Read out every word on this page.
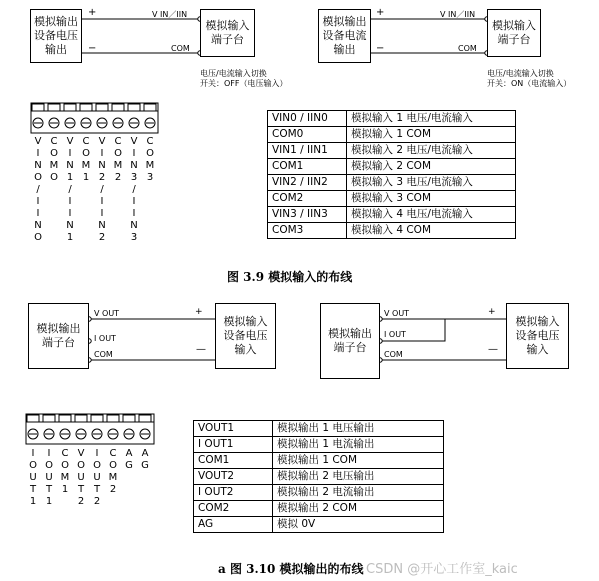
模拟输出
设备电压
输出
模拟输入
端子台
+
−
V IN／IIN
COM
电压/电流输入切换
开关：OFF（电压输入）
模拟输出
设备电流
输出
模拟输入
端子台
+
−
V IN／IIN
COM
电压/电流输入切换
开关：ON（电流输入）
V
I
N
O
/
I
I
N
O
C
O
M
O
V
I
N
1
/
I
I
N
1
C
O
M
1
V
I
N
2
/
I
I
N
2
C
O
M
2
V
I
N
3
/
I
I
N
3
C
O
M
3
VIN0 / IIN0	模拟输入 1 电压/电流输入
COM0	模拟输入 1 COM
VIN1 / IIN1	模拟输入 2 电压/电流输入
COM1	模拟输入 2 COM
VIN2 / IIN2	模拟输入 3 电压/电流输入
COM2	模拟输入 3 COM
VIN3 / IIN3	模拟输入 4 电压/电流输入
COM3	模拟输入 4 COM
图 3.9 模拟输入的布线
模拟输出
端子台
模拟输入
设备电压
输入
V OUT
I OUT
COM
+
—
模拟输出
端子台
模拟输入
设备电压
输入
V OUT
I OUT
COM
+
—
I
O
U
T
1
I
O
U
T
1
C
O
M
1
V
O
U
T
2
I
O
U
T
2
C
O
M
2
A
G
A
G
VOUT1	模拟输出 1 电压输出
I OUT1	模拟输出 1 电流输出
COM1	模拟输出 1 COM
VOUT2	模拟输出 2 电压输出
I OUT2	模拟输出 2 电流输出
COM2	模拟输出 2 COM
AG	模拟 0V
a 图 3.10 模拟输出的布线 CSDN @开心工作室_kaic
